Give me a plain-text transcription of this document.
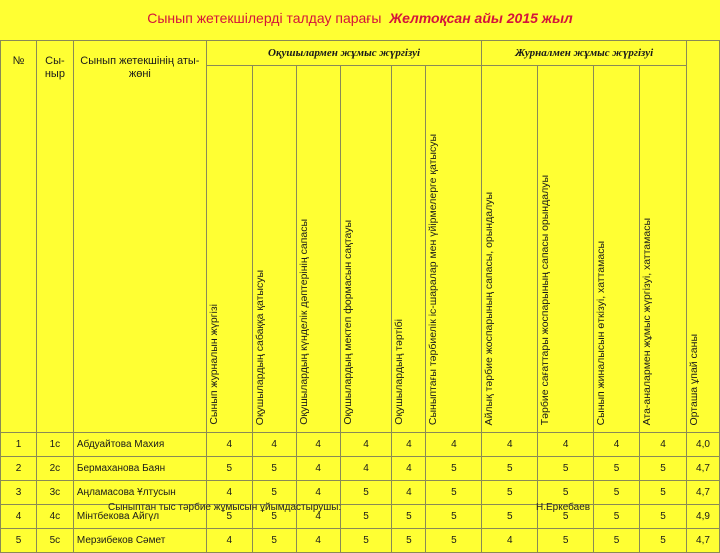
Сынып жетекшілерді талдау парағы Желтоқсан айы 2015 жыл
№	Сы-ныр	Сынып жетекшінің аты-жөні	Оқушылармен жұмыс жүргізуі						Журналмен жұмыс жүргізуі				Орташа ұпай саны
			Сынып журналын жүргізі	Оқушылардың сабаққа қатысуы	Оқушылардың күнделік дәптерінің сапасы	Оқушылардың мектеп формасын сақтауы	Оқушылардың тәртібі	Сыныптағы тәрбиелік іс-шаралар мен үйірмелерге қатысуы	Айлық тәрбие жоспарының сапасы, орындалуы	Тәрбие сағаттары жоспарының сапасы орындалуы	Сынып жиналысын өткізуі, хаттамасы	Ата-аналармен жұмыс жүргізуі, хаттамасы	
1	1с	Абдуайтова Махия	4	4	4	4	4	4	4	4	4	4	4,0
2	2с	Бермаханова Баян	5	5	4	4	4	5	5	5	5	5	4,7
3	3с	Аңламасова Ұлтусын	4	5	4	5	4	5	5	5	5	5	4,7
4	4с	Мінтбекова Айгүл	5	5	4	5	5	5	5	5	5	5	4,9
5	5с	Мерзибеков Сәмет	4	5	4	5	5	5	4	5	5	5	4,7
Сыныптан тыс тәрбие жұмысын ұйымдастырушы:	Н.Еркебаев
